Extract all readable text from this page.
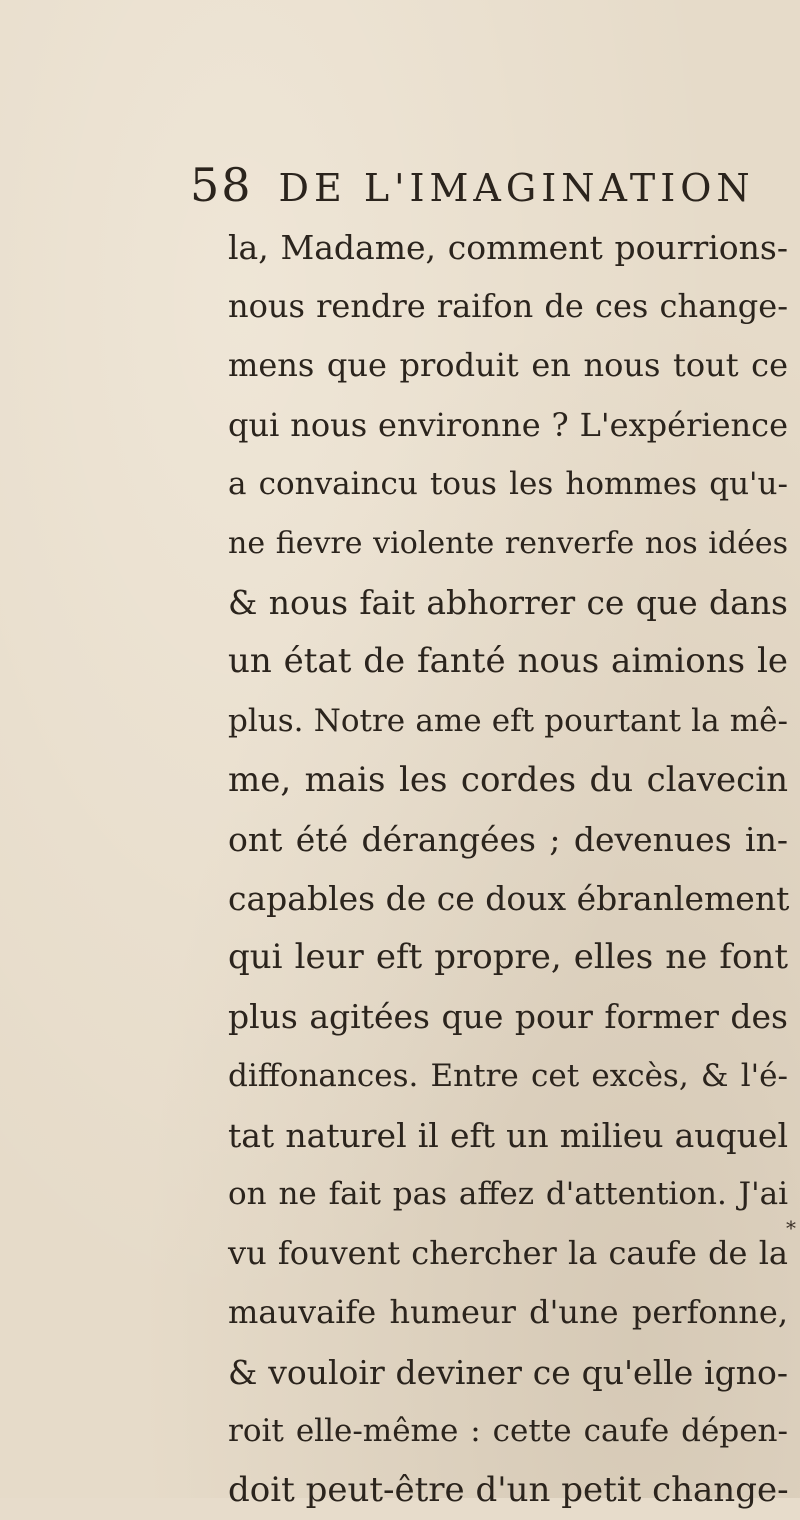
58 DE L'IMAGINATION
la, Madame, comment pourrions-
nous rendre raifon de ces change-
mens que produit en nous tout ce
qui nous environne ? L'expérience
a convaincu tous les hommes qu'u-
ne fievre violente renverfe nos idées
& nous fait abhorrer ce que dans
un état de fanté nous aimions le
plus. Notre ame eft pourtant la mê-
me, mais les cordes du clavecin
ont été dérangées ; devenues in-
capables de ce doux ébranlement
qui leur eft propre, elles ne font
plus agitées que pour former des
diffonances. Entre cet excès, & l'é-
tat naturel il eft un milieu auquel
on ne fait pas affez d'attention. J'ai
vu fouvent chercher la caufe de la
mauvaife humeur d'une perfonne,
& vouloir deviner ce qu'elle igno-
roit elle-même : cette caufe dépen-
doit peut-être d'un petit change-
*
